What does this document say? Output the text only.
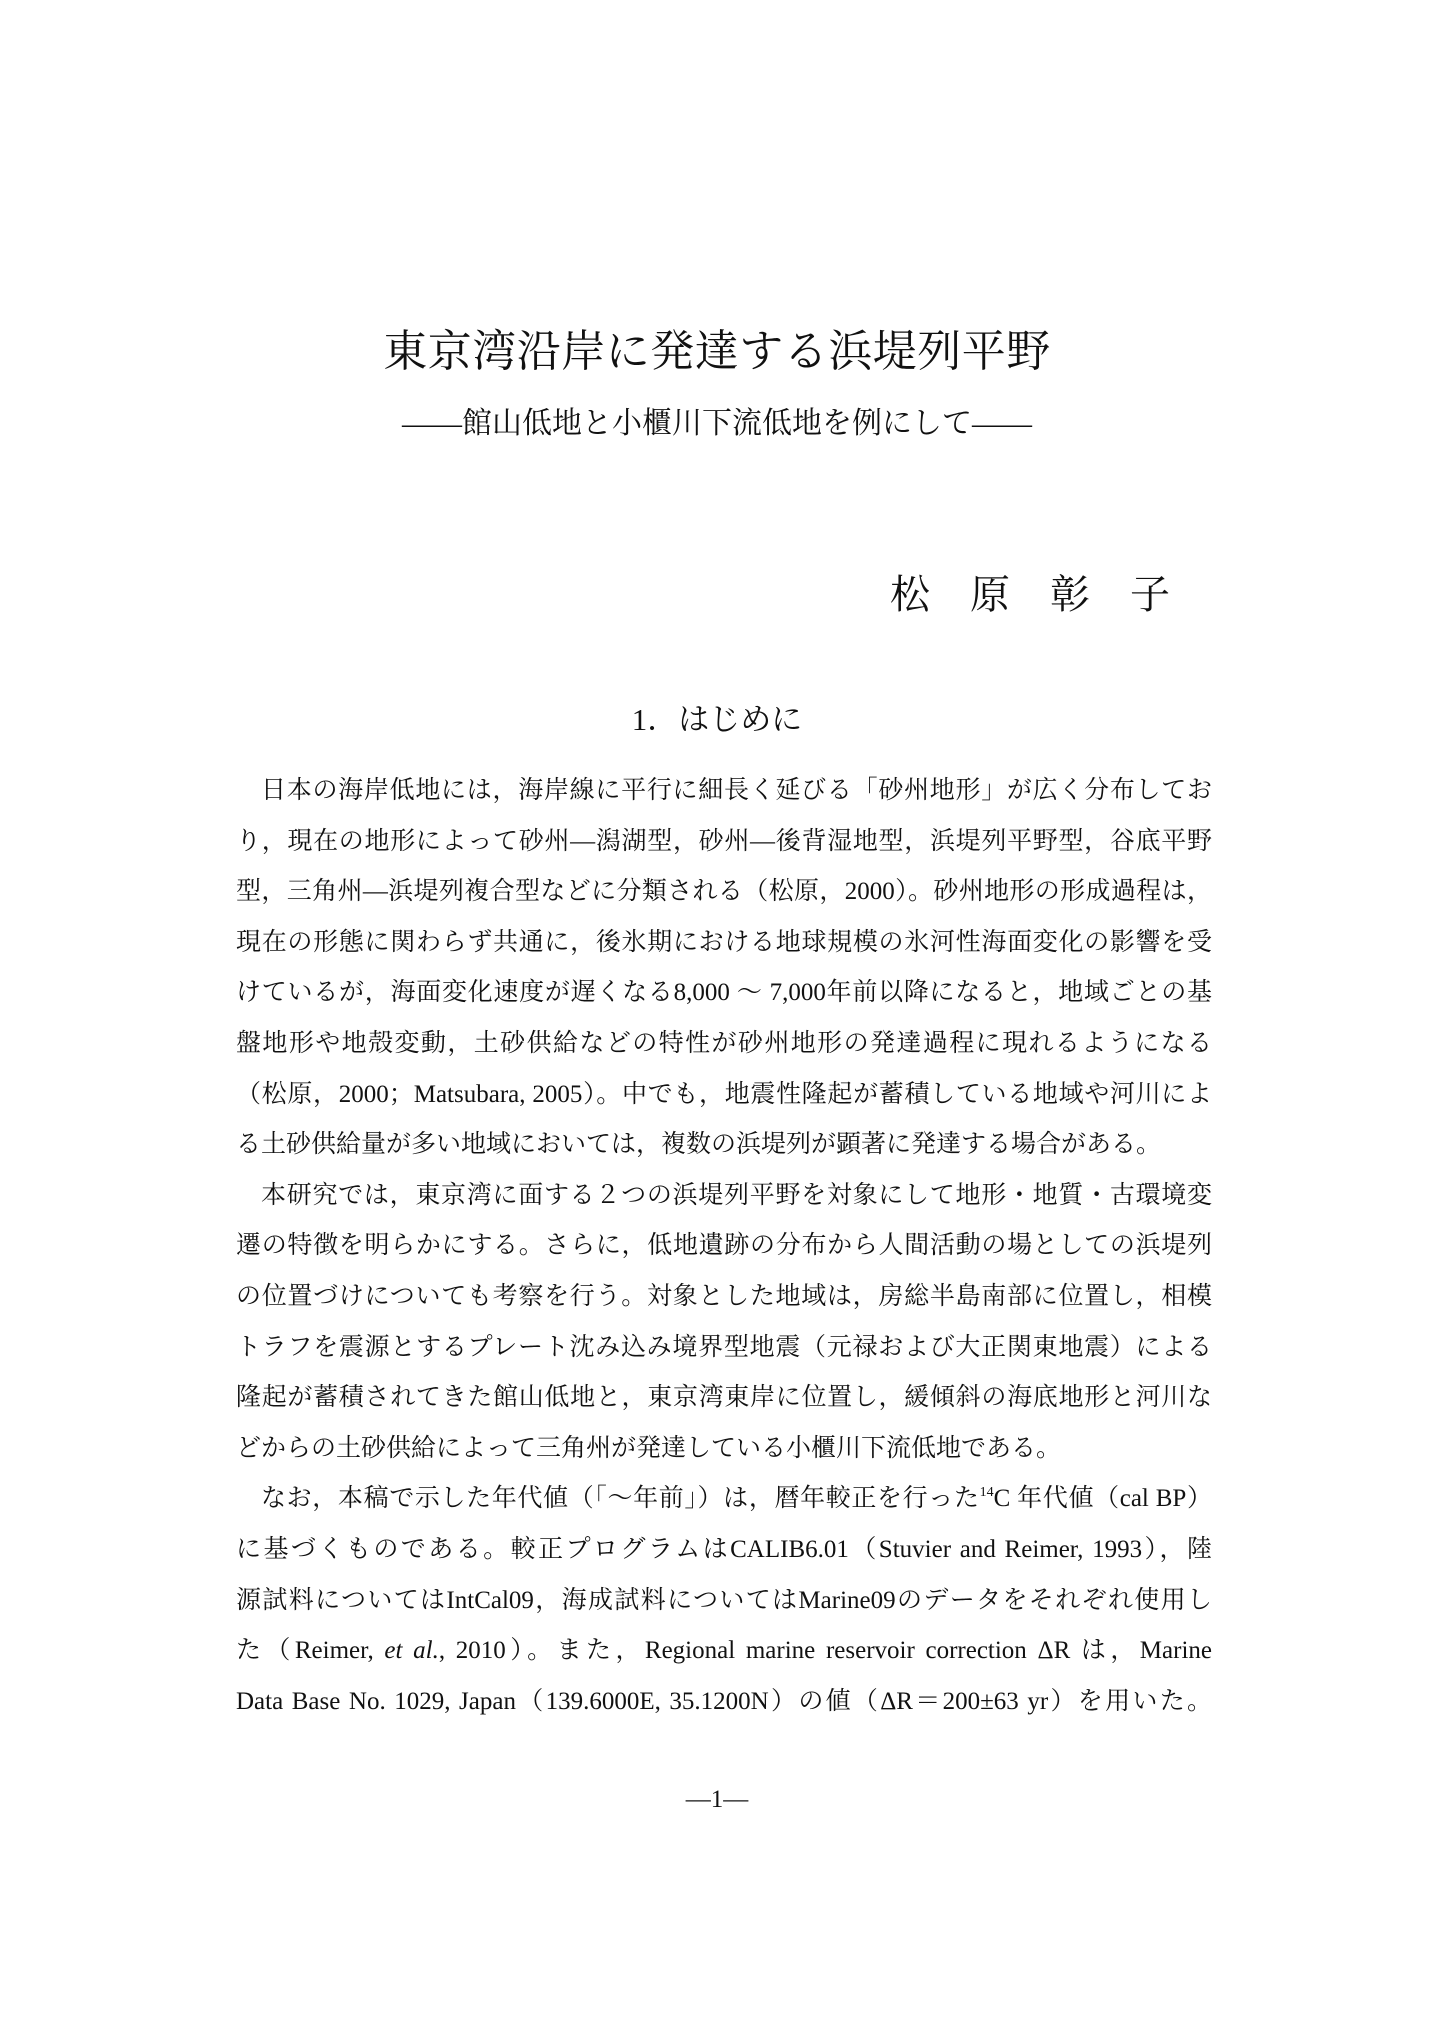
東京湾沿岸に発達する浜堤列平野
――館山低地と小櫃川下流低地を例にして――
松 原 彰 子
1．はじめに
日本の海岸低地には，海岸線に平行に細長く延びる「砂州地形」が広く分布してお
り，現在の地形によって砂州―潟湖型，砂州―後背湿地型，浜堤列平野型，谷底平野
型，三角州―浜堤列複合型などに分類される（松原，2000）。砂州地形の形成過程は，
現在の形態に関わらず共通に，後氷期における地球規模の氷河性海面変化の影響を受
けているが，海面変化速度が遅くなる8,000 ～ 7,000年前以降になると，地域ごとの基
盤地形や地殻変動，土砂供給などの特性が砂州地形の発達過程に現れるようになる
（松原，2000；Matsubara, 2005）。中でも，地震性隆起が蓄積している地域や河川によ
る土砂供給量が多い地域においては，複数の浜堤列が顕著に発達する場合がある。
本研究では，東京湾に面する２つの浜堤列平野を対象にして地形・地質・古環境変
遷の特徴を明らかにする。さらに，低地遺跡の分布から人間活動の場としての浜堤列
の位置づけについても考察を行う。対象とした地域は，房総半島南部に位置し，相模
トラフを震源とするプレート沈み込み境界型地震（元禄および大正関東地震）による
隆起が蓄積されてきた館山低地と，東京湾東岸に位置し，緩傾斜の海底地形と河川な
どからの土砂供給によって三角州が発達している小櫃川下流低地である。
なお，本稿で示した年代値（「～年前」）は，暦年較正を行った$^{14}$C 年代値（cal BP）
に基づくものである。較正プログラムはCALIB6.01（Stuvier and Reimer, 1993），陸
源試料についてはIntCal09，海成試料についてはMarine09のデータをそれぞれ使用し
た（Reimer, et al., 2010）。また，Regional marine reservoir correction ΔR は，Marine
Data Base No. 1029, Japan（139.6000E, 35.1200N）の値（ΔR＝200±63 yr）を用いた。
―1―
